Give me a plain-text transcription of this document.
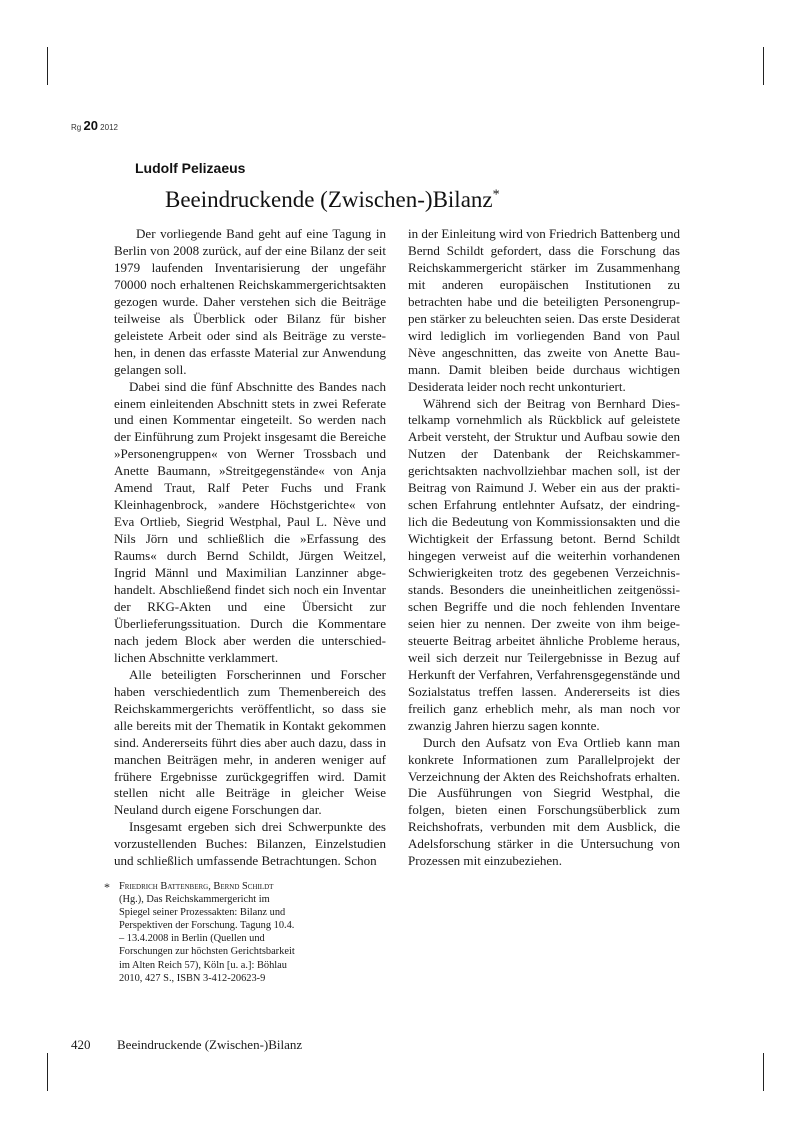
Rg 20 2012
Ludolf Pelizaeus
Beeindruckende (Zwischen-)Bilanz*

Der vorliegende Band geht auf eine Tagung in Berlin von 2008 zurück, auf der eine Bilanz der seit 1979 laufenden Inventarisierung der ungefähr 70000 noch erhaltenen Reichskammergerichtsakten gezogen wurde. Daher verstehen sich die Beiträge teilweise als Überblick oder Bilanz für bisher geleistete Arbeit oder sind als Beiträge zu verstehen, in denen das erfasste Material zur Anwendung gelangen soll.

Dabei sind die fünf Abschnitte des Bandes nach einem einleitenden Abschnitt stets in zwei Referate und einen Kommentar eingeteilt. So werden nach der Einführung zum Projekt insgesamt die Bereiche »Personengruppen« von Werner Trossbach und Anette Baumann, »Streitgegenstände« von Anja Amend Traut, Ralf Peter Fuchs und Frank Kleinhagenbrock, »andere Höchstgerichte« von Eva Ortlieb, Siegrid Westphal, Paul L. Nève und Nils Jörn und schließlich die »Erfassung des Raums« durch Bernd Schildt, Jürgen Weitzel, Ingrid Männl und Maximilian Lanzinner abgehandelt. Abschließend findet sich noch ein Inventar der RKG-Akten und eine Übersicht zur Überlieferungssituation. Durch die Kommentare nach jedem Block aber werden die unterschiedlichen Abschnitte verklammert.

Alle beteiligten Forscherinnen und Forscher haben verschiedentlich zum Themenbereich des Reichskammergerichts veröffentlicht, so dass sie alle bereits mit der Thematik in Kontakt gekommen sind. Andererseits führt dies aber auch dazu, dass in manchen Beiträgen mehr, in anderen weniger auf frühere Ergebnisse zurückgegriffen wird. Damit stellen nicht alle Beiträge in gleicher Weise Neuland durch eigene Forschungen dar.

Insgesamt ergeben sich drei Schwerpunkte des vorzustellenden Buches: Bilanzen, Einzelstudien und schließlich umfassende Betrachtungen. Schon

in der Einleitung wird von Friedrich Battenberg und Bernd Schildt gefordert, dass die Forschung das Reichskammergericht stärker im Zusammenhang mit anderen europäischen Institutionen zu betrachten habe und die beteiligten Personengruppen stärker zu beleuchten seien. Das erste Desiderat wird lediglich im vorliegenden Band von Paul Nève angeschnitten, das zweite von Anette Baumann. Damit bleiben beide durchaus wichtigen Desiderata leider noch recht unkonturiert.

Während sich der Beitrag von Bernhard Diestelkamp vornehmlich als Rückblick auf geleistete Arbeit versteht, der Struktur und Aufbau sowie den Nutzen der Datenbank der Reichskammergerichtsakten nachvollziehbar machen soll, ist der Beitrag von Raimund J. Weber ein aus der praktischen Erfahrung entlehnter Aufsatz, der eindringlich die Bedeutung von Kommissionsakten und die Wichtigkeit der Erfassung betont. Bernd Schildt hingegen verweist auf die weiterhin vorhandenen Schwierigkeiten trotz des gegebenen Verzeichnisstands. Besonders die uneinheitlichen zeitgenössischen Begriffe und die noch fehlenden Inventare seien hier zu nennen. Der zweite von ihm beigesteuerte Beitrag arbeitet ähnliche Probleme heraus, weil sich derzeit nur Teilergebnisse in Bezug auf Herkunft der Verfahren, Verfahrensgegenstände und Sozialstatus treffen lassen. Andererseits ist dies freilich ganz erheblich mehr, als man noch vor zwanzig Jahren hierzu sagen konnte.

Durch den Aufsatz von Eva Ortlieb kann man konkrete Informationen zum Parallelprojekt der Verzeichnung der Akten des Reichshofrats erhalten. Die Ausführungen von Siegrid Westphal, die folgen, bieten einen Forschungsüberblick zum Reichshofrats, verbunden mit dem Ausblick, die Adelsforschung stärker in die Untersuchung von Prozessen mit einzubeziehen.

* Friedrich Battenberg, Bernd Schildt (Hg.), Das Reichskammergericht im Spiegel seiner Prozessakten: Bilanz und Perspektiven der Forschung. Tagung 10.4. – 13.4.2008 in Berlin (Quellen und Forschungen zur höchsten Gerichtsbarkeit im Alten Reich 57), Köln [u. a.]: Böhlau 2010, 427 S., ISBN 3-412-20623-9
420 Beeindruckende (Zwischen-)Bilanz
